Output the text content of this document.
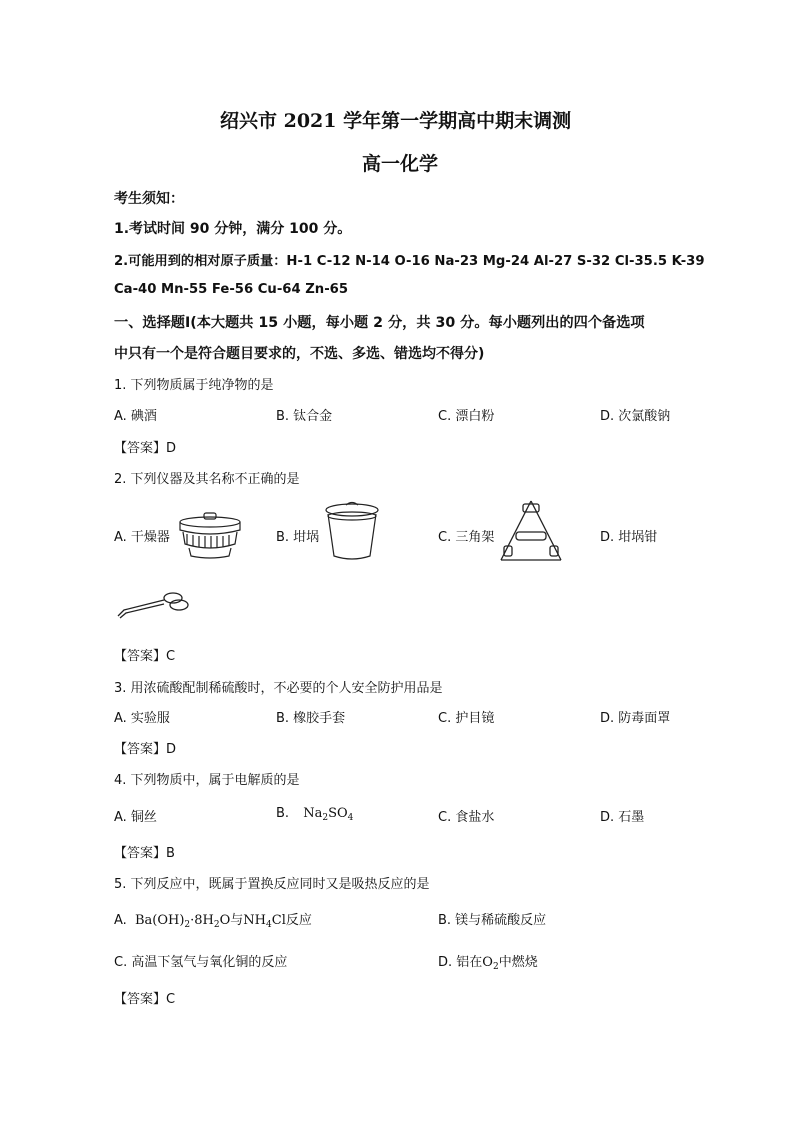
绍兴市 2021 学年第一学期高中期末调测
高一化学
考生须知：
1.考试时间 90 分钟，满分 100 分。
2.可能用到的相对原子质量：H-1 C-12 N-14 O-16 Na-23 Mg-24 Al-27 S-32 Cl-35.5 K-39
Ca-40 Mn-55 Fe-56 Cu-64 Zn-65
一、选择题Ⅰ(本大题共 15 小题，每小题 2 分，共 30 分。每小题列出的四个备选项
中只有一个是符合题目要求的，不选、多选、错选均不得分)
1. 下列物质属于纯净物的是
A. 碘酒	B. 钛合金	C. 漂白粉	D. 次氯酸钠
【答案】D
2. 下列仪器及其名称不正确的是
A. 干燥器	B. 坩埚	C. 三角架	D. 坩埚钳
【答案】C
3. 用浓硫酸配制稀硫酸时，不必要的个人安全防护用品是
A. 实验服	B. 橡胶手套	C. 护目镜	D. 防毒面罩
【答案】D
4. 下列物质中，属于电解质的是
A. 铜丝	B. $Na_2SO_4$	C. 食盐水	D. 石墨
【答案】B
5. 下列反应中，既属于置换反应同时又是吸热反应的是
A. $Ba(OH)_2\cdot 8H_2O$与$NH_4Cl$反应	B. 镁与稀硫酸反应
C. 高温下氢气与氧化铜的反应	D. 铝在$O_2$中燃烧
【答案】C
